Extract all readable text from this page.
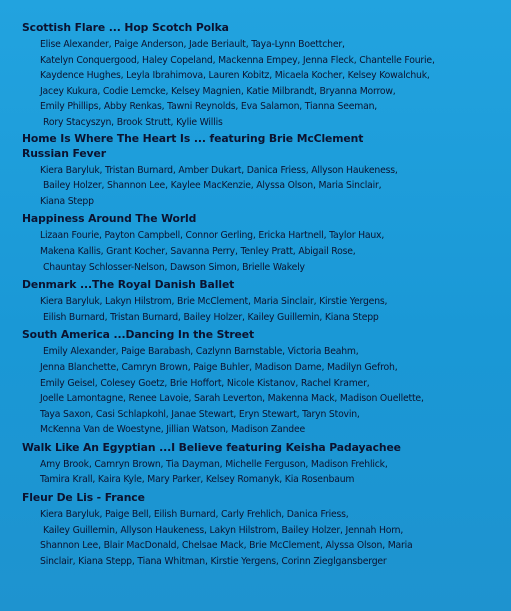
Scottish Flare ... Hop Scotch Polka
Elise Alexander, Paige Anderson, Jade Beriault, Taya-Lynn Boettcher,
Katelyn Conquergood, Haley Copeland, Mackenna Empey, Jenna Fleck, Chantelle Fourie,
Kaydence Hughes, Leyla Ibrahimova, Lauren Kobitz, Micaela Kocher, Kelsey Kowalchuk,
Jacey Kukura, Codie Lemcke, Kelsey Magnien, Katie Milbrandt, Bryanna Morrow,
Emily Phillips, Abby Renkas, Tawni Reynolds, Eva Salamon, Tianna Seeman,
Rory Stacyszyn, Brook Strutt, Kylie Willis
Home Is Where The Heart Is ... featuring Brie McClement
Russian Fever
Kiera Baryluk, Tristan Burnard, Amber Dukart, Danica Friess, Allyson Haukeness,
Bailey Holzer, Shannon Lee, Kaylee MacKenzie, Alyssa Olson, Maria Sinclair,
Kiana Stepp
Happiness Around The World
Lizaan Fourie, Payton Campbell, Connor Gerling, Ericka Hartnell, Taylor Haux,
Makena Kallis, Grant Kocher, Savanna Perry, Tenley Pratt, Abigail Rose,
Chauntay Schlosser-Nelson, Dawson Simon, Brielle Wakely
Denmark ...The Royal Danish Ballet
Kiera Baryluk, Lakyn Hilstrom, Brie McClement, Maria Sinclair, Kirstie Yergens,
Eilish Burnard, Tristan Burnard, Bailey Holzer, Kailey Guillemin, Kiana Stepp
South America ...Dancing In the Street
Emily Alexander, Paige Barabash, Cazlynn Barnstable, Victoria Beahm,
Jenna Blanchette, Camryn Brown, Paige Buhler, Madison Dame, Madilyn Gefroh,
Emily Geisel, Colesey Goetz, Brie Hoffort, Nicole Kistanov, Rachel Kramer,
Joelle Lamontagne, Renee Lavoie, Sarah Leverton, Makenna Mack, Madison Ouellette,
Taya Saxon, Casi Schlapkohl, Janae Stewart, Eryn Stewart, Taryn Stovin,
McKenna Van de Woestyne, Jillian Watson, Madison Zandee
Walk Like An Egyptian ...I Believe featuring Keisha Padayachee
Amy Brook, Camryn Brown, Tia Dayman, Michelle Ferguson, Madison Frehlick,
Tamira Krall, Kaira Kyle, Mary Parker, Kelsey Romanyk, Kia Rosenbaum
Fleur De Lis - France
Kiera Baryluk, Paige Bell, Eilish Burnard, Carly Frehlich, Danica Friess,
Kailey Guillemin, Allyson Haukeness, Lakyn Hilstrom, Bailey Holzer, Jennah Horn,
Shannon Lee, Blair MacDonald, Chelsae Mack, Brie McClement, Alyssa Olson, Maria
Sinclair, Kiana Stepp, Tiana Whitman, Kirstie Yergens, Corinn Zieglgansberger
